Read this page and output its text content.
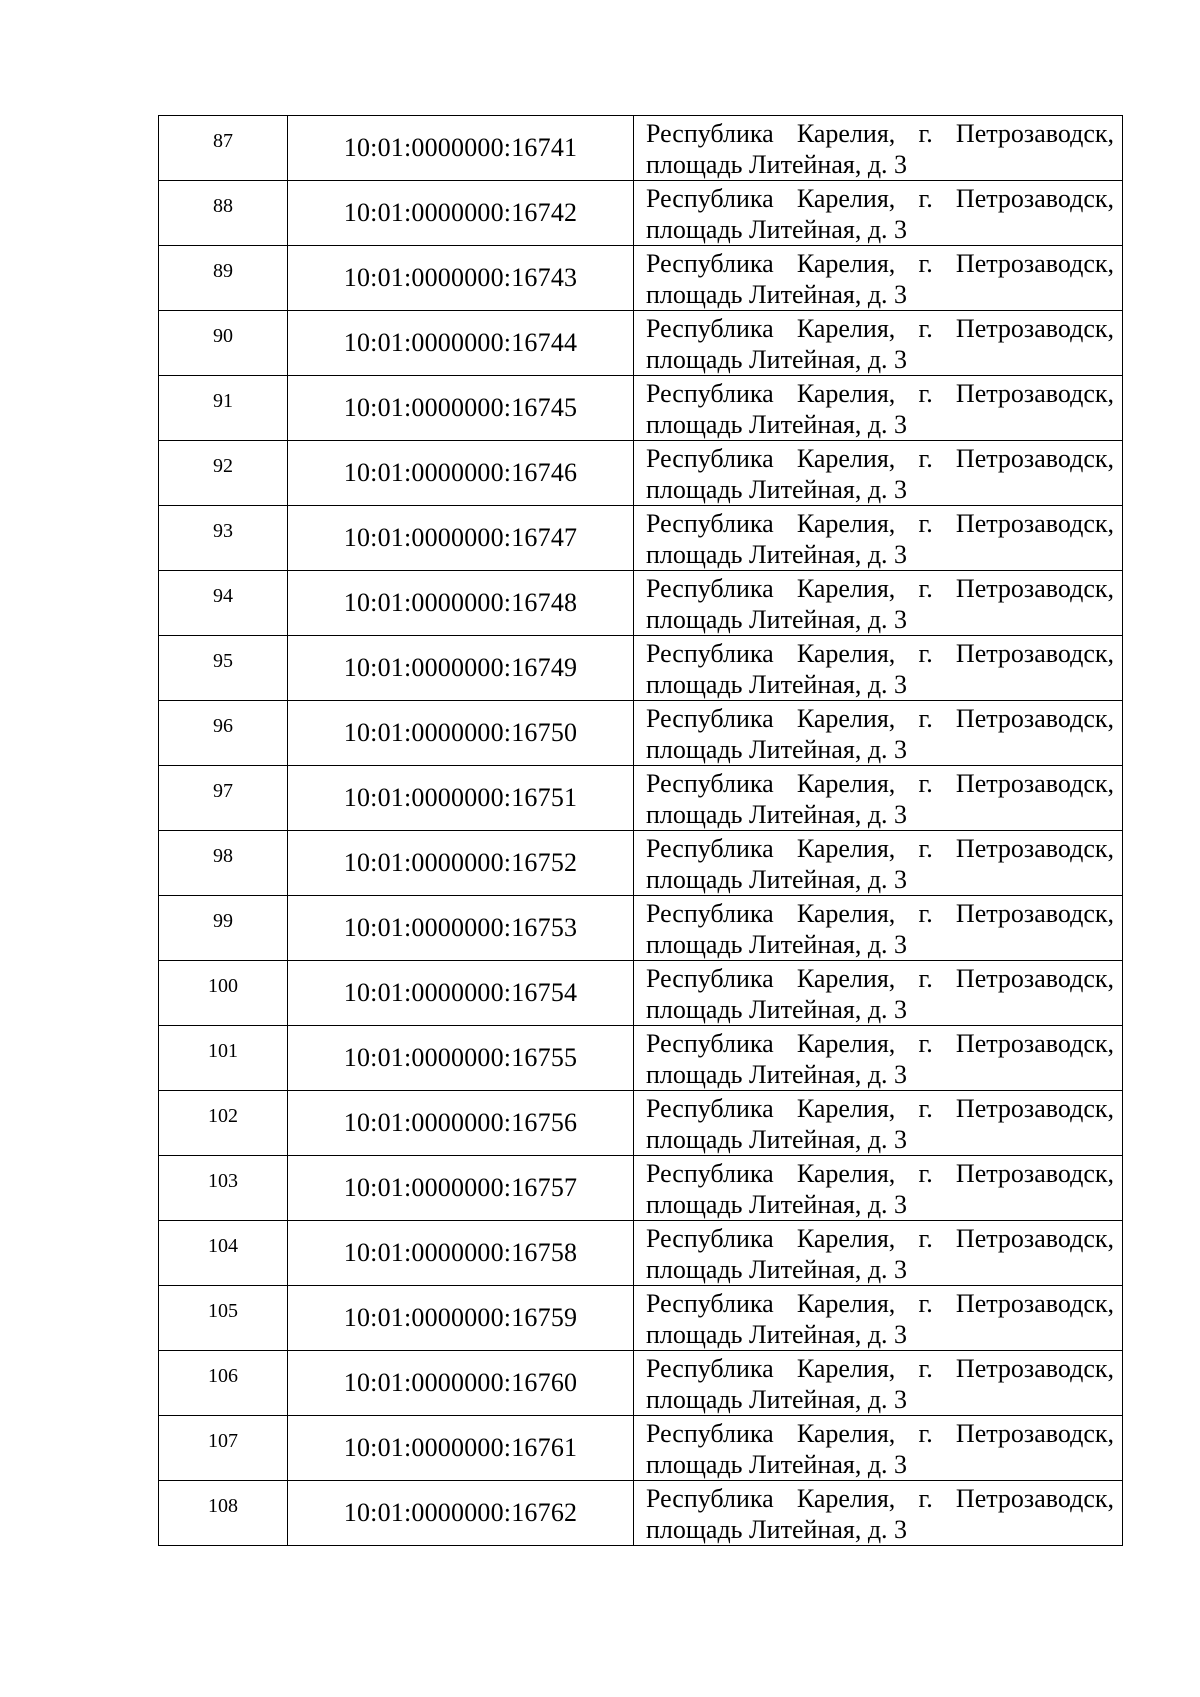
87	10:01:0000000:16741	Республика Карелия, г. Петрозаводск,
площадь Литейная, д. 3

88	10:01:0000000:16742	Республика Карелия, г. Петрозаводск,
площадь Литейная, д. 3

89	10:01:0000000:16743	Республика Карелия, г. Петрозаводск,
площадь Литейная, д. 3

90	10:01:0000000:16744	Республика Карелия, г. Петрозаводск,
площадь Литейная, д. 3

91	10:01:0000000:16745	Республика Карелия, г. Петрозаводск,
площадь Литейная, д. 3

92	10:01:0000000:16746	Республика Карелия, г. Петрозаводск,
площадь Литейная, д. 3

93	10:01:0000000:16747	Республика Карелия, г. Петрозаводск,
площадь Литейная, д. 3

94	10:01:0000000:16748	Республика Карелия, г. Петрозаводск,
площадь Литейная, д. 3

95	10:01:0000000:16749	Республика Карелия, г. Петрозаводск,
площадь Литейная, д. 3

96	10:01:0000000:16750	Республика Карелия, г. Петрозаводск,
площадь Литейная, д. 3

97	10:01:0000000:16751	Республика Карелия, г. Петрозаводск,
площадь Литейная, д. 3

98	10:01:0000000:16752	Республика Карелия, г. Петрозаводск,
площадь Литейная, д. 3

99	10:01:0000000:16753	Республика Карелия, г. Петрозаводск,
площадь Литейная, д. 3

100	10:01:0000000:16754	Республика Карелия, г. Петрозаводск,
площадь Литейная, д. 3

101	10:01:0000000:16755	Республика Карелия, г. Петрозаводск,
площадь Литейная, д. 3

102	10:01:0000000:16756	Республика Карелия, г. Петрозаводск,
площадь Литейная, д. 3

103	10:01:0000000:16757	Республика Карелия, г. Петрозаводск,
площадь Литейная, д. 3

104	10:01:0000000:16758	Республика Карелия, г. Петрозаводск,
площадь Литейная, д. 3

105	10:01:0000000:16759	Республика Карелия, г. Петрозаводск,
площадь Литейная, д. 3

106	10:01:0000000:16760	Республика Карелия, г. Петрозаводск,
площадь Литейная, д. 3

107	10:01:0000000:16761	Республика Карелия, г. Петрозаводск,
площадь Литейная, д. 3

108	10:01:0000000:16762	Республика Карелия, г. Петрозаводск,
площадь Литейная, д. 3
